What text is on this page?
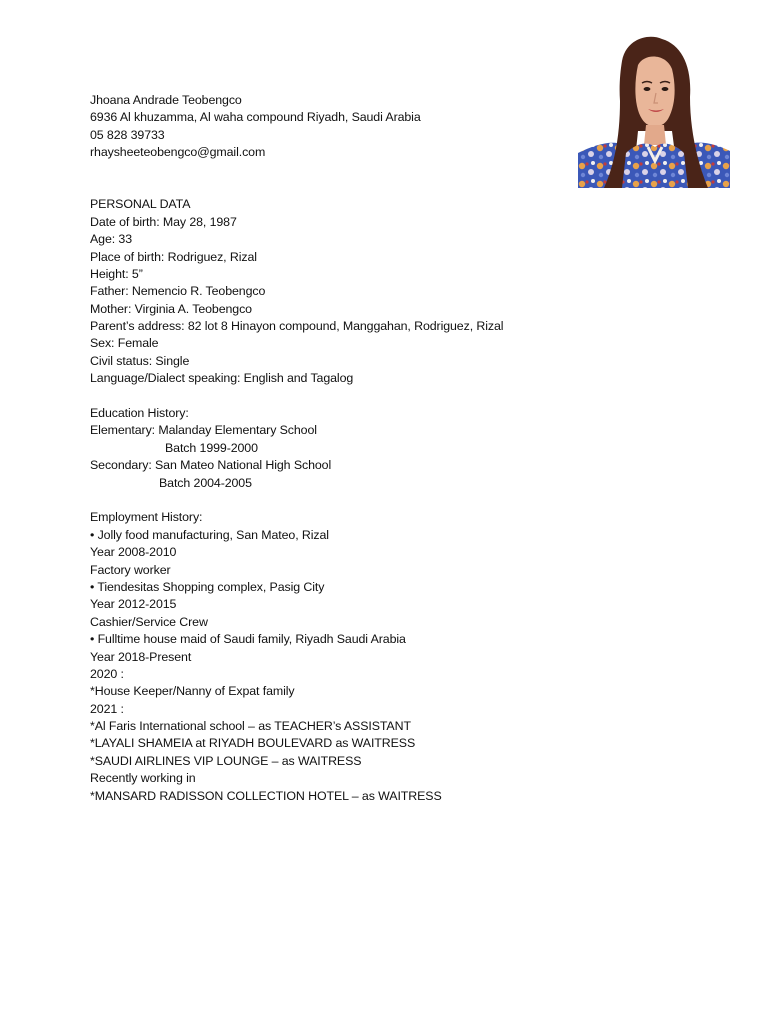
Jhoana Andrade Teobengco
6936 Al khuzamma, Al waha compound Riyadh, Saudi Arabia
05 828 39733
rhaysheeteobengco@gmail.com
PERSONAL DATA
Date of birth: May 28, 1987
Age: 33
Place of birth: Rodriguez, Rizal
Height: 5”
Father: Nemencio R. Teobengco
Mother: Virginia A. Teobengco
Parent’s address: 82 lot 8 Hinayon compound, Manggahan, Rodriguez, Rizal
Sex: Female
Civil status: Single
Language/Dialect speaking: English and Tagalog
Education History:
Elementary: Malanday Elementary School
Batch 1999-2000
Secondary: San Mateo National High School
Batch 2004-2005
Employment History:
• Jolly food manufacturing, San Mateo, Rizal
Year 2008-2010
Factory worker
• Tiendesitas Shopping complex, Pasig City
Year 2012-2015
Cashier/Service Crew
• Fulltime house maid of Saudi family, Riyadh Saudi Arabia
Year 2018-Present
2020 :
*House Keeper/Nanny of Expat family
2021 :
*Al Faris International school – as TEACHER’s ASSISTANT
*LAYALI SHAMEIA at RIYADH BOULEVARD as WAITRESS
*SAUDI AIRLINES VIP LOUNGE – as WAITRESS
Recently working in
*MANSARD RADISSON COLLECTION HOTEL – as WAITRESS
